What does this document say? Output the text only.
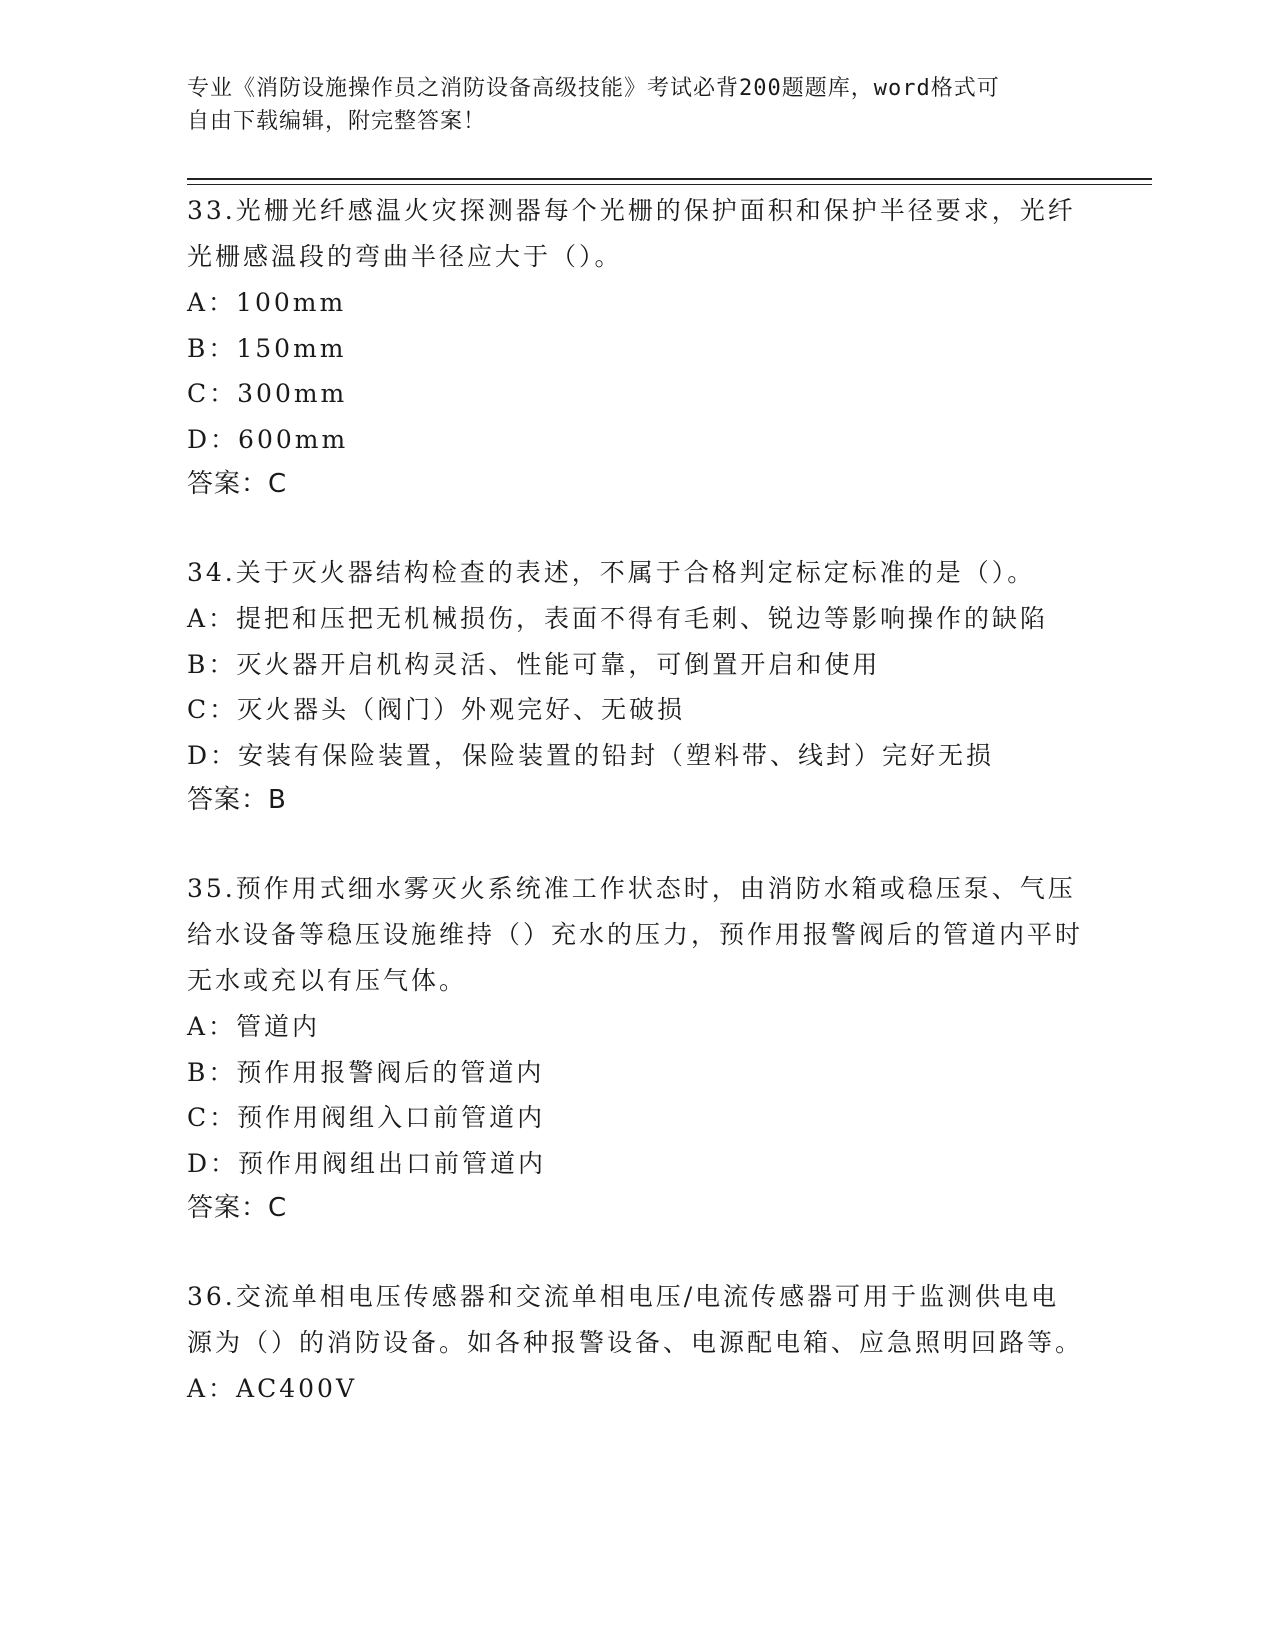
专业《消防设施操作员之消防设备高级技能》考试必背200题题库，word格式可
自由下载编辑，附完整答案！

33.光栅光纤感温火灾探测器每个光栅的保护面积和保护半径要求，光纤光栅感温段的弯曲半径应大于（）。

A：100mm
B：150mm
C：300mm
D：600mm
答案：C

34.关于灭火器结构检查的表述，不属于合格判定标定标准的是（）。

A：提把和压把无机械损伤，表面不得有毛刺、锐边等影响操作的缺陷
B：灭火器开启机构灵活、性能可靠，可倒置开启和使用
C：灭火器头（阀门）外观完好、无破损
D：安装有保险装置，保险装置的铅封（塑料带、线封）完好无损
答案：B

35.预作用式细水雾灭火系统准工作状态时，由消防水箱或稳压泵、气压给水设备等稳压设施维持（）充水的压力，预作用报警阀后的管道内平时无水或充以有压气体。

A：管道内
B：预作用报警阀后的管道内
C：预作用阀组入口前管道内
D：预作用阀组出口前管道内
答案：C

36.交流单相电压传感器和交流单相电压/电流传感器可用于监测供电电源为（）的消防设备。如各种报警设备、电源配电箱、应急照明回路等。

A：AC400V
